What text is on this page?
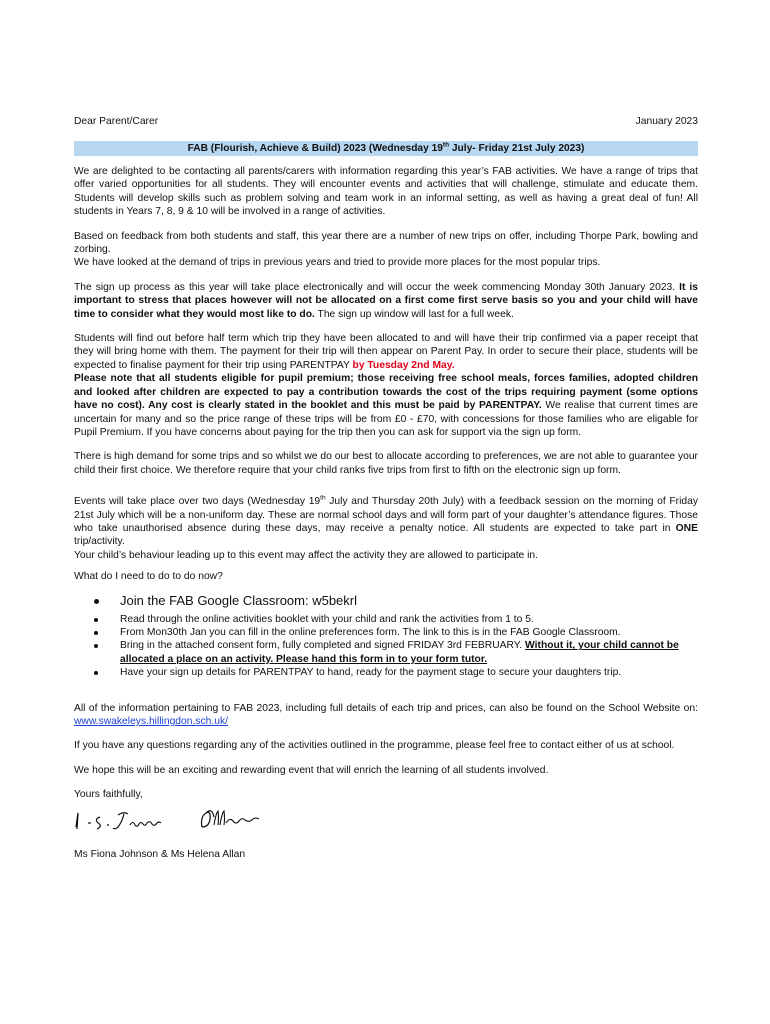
Dear Parent/Carer	January 2023
FAB (Flourish, Achieve & Build) 2023 (Wednesday 19th July- Friday 21st July 2023)

We are delighted to be contacting all parents/carers with information regarding this year’s FAB activities. We have a range of trips that offer varied opportunities for all students. They will encounter events and activities that will challenge, stimulate and educate them. Students will develop skills such as problem solving and team work in an informal setting, as well as having a great deal of fun! All students in Years 7, 8, 9 & 10 will be involved in a range of activities.

Based on feedback from both students and staff, this year there are a number of new trips on offer, including Thorpe Park, bowling and zorbing.
We have looked at the demand of trips in previous years and tried to provide more places for the most popular trips.

The sign up process as this year will take place electronically and will occur the week commencing Monday 30th January 2023. It is important to stress that places however will not be allocated on a first come first serve basis so you and your child will have time to consider what they would most like to do. The sign up window will last for a full week.

Students will find out before half term which trip they have been allocated to and will have their trip confirmed via a paper receipt that they will bring home with them. The payment for their trip will then appear on Parent Pay. In order to secure their place, students will be expected to finalise payment for their trip using PARENTPAY by Tuesday 2nd May.
Please note that all students eligible for pupil premium; those receiving free school meals, forces families, adopted children and looked after children are expected to pay a contribution towards the cost of the trips requiring payment (some options have no cost). Any cost is clearly stated in the booklet and this must be paid by PARENTPAY. We realise that current times are uncertain for many and so the price range of these trips will be from £0 - £70, with concessions for those families who are eligable for Pupil Premium. If you have concerns about paying for the trip then you can ask for support via the sign up form.

There is high demand for some trips and so whilst we do our best to allocate according to preferences, we are not able to guarantee your child their first choice. We therefore require that your child ranks five trips from first to fifth on the electronic sign up form.

Events will take place over two days (Wednesday 19th July and Thursday 20th July) with a feedback session on the morning of Friday 21st July which will be a non-uniform day. These are normal school days and will form part of your daughter’s attendance figures. Those who take unauthorised absence during these days, may receive a penalty notice. All students are expected to take part in ONE trip/activity.
Your child’s behaviour leading up to this event may affect the activity they are allowed to participate in.

What do I need to do to do now?

Join the FAB Google Classroom: w5bekrl
Read through the online activities booklet with your child and rank the activities from 1 to 5.
From Mon30th Jan you can fill in the online preferences form. The link to this is in the FAB Google Classroom.
Bring in the attached consent form, fully completed and signed FRIDAY 3rd FEBRUARY. Without it, your child cannot be allocated a place on an activity. Please hand this form in to your form tutor.
Have your sign up details for PARENTPAY to hand, ready for the payment stage to secure your daughters trip.

All of the information pertaining to FAB 2023, including full details of each trip and prices, can also be found on the School Website on: www.swakeleys.hillingdon.sch.uk/

If you have any questions regarding any of the activities outlined in the programme, please feel free to contact either of us at school.

We hope this will be an exciting and rewarding event that will enrich the learning of all students involved.

Yours faithfully,

Ms Fiona Johnson & Ms Helena Allan
